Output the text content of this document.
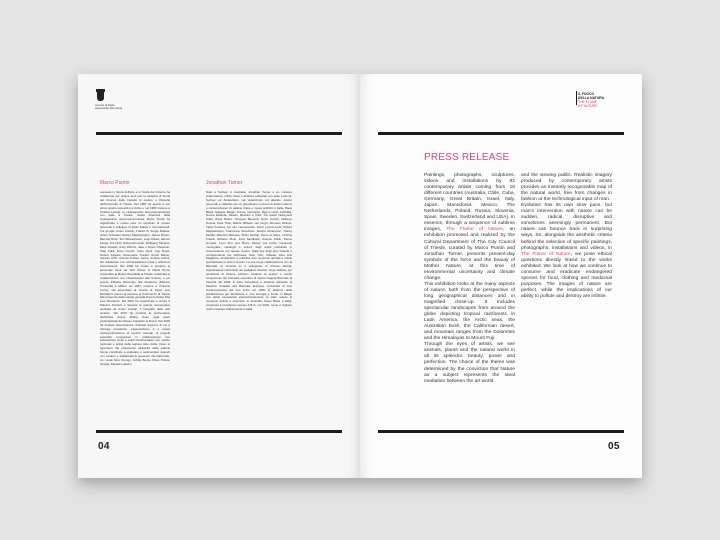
comune di trieste
assessorato alla cultura
Marco Puntin

Laureato in Storia dell'arte e in Storia del Cinema ha collaborato per cinque anni con la cattedra di Storia del Cinema della Facoltà di Lettere e Filosofia dell'Università di Trieste. Nel 1981 ha aperto il suo primo spazio espositivo a Udine e nel 1983 insieme a Cristina Lipargi, la Lipanjepuntin artecontemporanea con sede a Trieste. Guida dinamica della Lipanjepuntin artecontemporanea, Marco Puntin ha organizzato e curato oltre un centinaio di mostre personali e collettive di artisti italiani e internazionali. Tra gli altri, Anton Corbijn, Franko B, Sergio Brattas, Julian Schnabel, Robert Mapplethorpe, James Brown, Bernard Rudy, Tom Wesselmann, Luigi Ontani, Helmut Lange, Urs Lüthi, Nobuyoshi Araki, Wolfgang Tillmans, Mark Kostabi, Andy Warhol, Jake e Dinos Chapman, Oleg Kulik, Enzo Cucchi, Carlo Zauli, Ugo Dossi, Robert Kügerle, Rosemarie Trockel, Arnulf Rainer, Antonio Ortiz, Antonio Freiles, Serse, Andrea Carlini. Ha collaborato con amministrazioni locali e istituzioni internazionali. Nel 1996 ha curato e prodotto la personale Nour du Soir Moriel di David Byrne presentata al Museo Revoltella di Trieste, realizzata in collaborazione con l'Assessorato alla Cultura, e poi presso Palazzo Mocenigo alla Giudecca (Palazzo Trissinelli) a Milano nel 1997, insieme a Umberto Curzio. Ha presentato la mostra di Paolo Levi Montalcini presso la Camera di Commercio di Trieste alla presenza della sorella gemella Premio Nobel Rita Levi Montalcini. Nel 2004 ha organizzato e curato a Palazzo Portanz a Venezia la grande retrospettiva dedicata ad Anton Corbijn, il fotografo delle star western. Nel 2007 ha prodotto la performance dell'artista cinese Zhang Huan negli spazi postindustriali del Museo Capitolini di Roma. Nel 2009 ha fondato l'associazione culturale artport.it di cui è tuttroggi presidente. L'associazione si è spesa nell'organizzazione di incontri culturali, di progetti espositivi temporanei in collaborazione con associazioni locali e spazi transfrontalieri con mostre nazionali e artisti della regione Alpe Adria. Dopo lo sgombero del parlamento all'attività della galleria hanno contribuito a esplorare e sedimentare rapporti con curatori e intellettuali di spessore internazionale, tra i quali Nico Orengo, Achille Bonito Oliva, Tiziano Scarpa, Daniele Luttazzi.

Jonathan Turner

Nato a Sydney, in Australia, Jonathan Turner è un curatore indipendente, critico d'arte e direttore editoriale con sede a Roma, Sydney ed Amsterdam. Ha organizzato ed allestito mostre personali e collettive per un grandissimo numero di artisti moderni e contemporanei (in gallerie d'arte e musei pubblici in Italia, Paesi Bassi, Spagna, Belgio, Grecia, Germania, Regno Unito, Australia, Nuova Zelanda, Taiwan, Messico e USA. Tra questi Nobuyoshi Araki, Rosa Barba, Vanessa Beecroft, Enzo Cucchi, Marlene Dumas, Paul Thek, Barbie Wilhelm van Gogh, Romano Strame, Yasui Kusama, Ivo van Lamsweerde, Henri Lorenz-Loch, Robert Mapplethorpe, Francesca Woodman, Marina Abramović, Tracey Moffatt, Mauricio Meireles, Shirin Neshat, Pierre et Gilles, Cristina Fratelli, Roberto Pinto, Fred Sandback, Antonio Riello, Panos Gorgias, Lynn Kirn and Bruce Weber. Ha scritto numerose monografie, cataloghi e volumi degli artisti pubblicati in concomitanza con queste mostre. Dalla fine degli anni Ottanta è corrispondente per ARTnews, New York; Tableau, Fine Arts Magazine, Amsterdam e pubblica suoi numerosi giornali e riviste specializzate in tutto il mondo. La sua lunga collaborazione con la Biennale di Venezia lo è sviluppata in diverse attività: organizzatore nell'ambito dei padiglioni stranieri, lungo italiano, per quindicina di diverse edizioni; curatore di sezioni e anche componente del Comitato esecutivo di Aperto Laguna Biennale di Venezia del 1993. È stato consulente e direttore editoriale di Maurizio Cattelan alla Biennale Europea. Università di Arte Contemporanea dal suo inizio nel 1996. È direttore della pubblicazione per Worldview, e, che accoglie e fonde, in Belgio con artisti riconosciuti internazionalmente. È stato autore di numerosi articoli e interviste, in Australia, Paesi Bassi e Italia, compresa il prestigioso premio A.B.O. nel 2009, come il migliore critico curatore indipendente in Italia.

04
IL FUOCO
DELLA NATURA
THE FLAME
OF NATURE
PRESS RELEASE
Paintings, photographs, sculptures, videos and installations by 82 contemporary artists coming from 18 different countries (Australia, Chile, Cuba, Germany, Great Britain, Israel, Italy, Japan, Macedonia, Mexico, The Netherlands, Poland, Russia, Slovenia, Spain, Sweden, Switzerland and USA). In essence, through a sequence of sublime images, The Flame of Nature, an exhibition promoted and realized by the Cultural Department of The City Council of Trieste, curated by Marco Puntin and Jonathan Turner, presents present-day symbols of the force and the beauty of Mother Nature, at this time of environmental uncertainty and climate change.
This exhibition looks at the many aspects of nature, both from the perspective of long geographical distances and in magnified close-up. It includes spectacular landscapes from around the globe depicting tropical rainforests in Latin America, the Arctic seas, the Australian bush, the Californian desert, and mountain ranges from the Dolomites and the Himalayas to Mount Fuji.
Through the eyes of artists, we see animals, plants and the natural world in all its splendor, beauty, power and perfection. The choice of the theme was determined by the conviction that Nature as a subject represents the ideal mediation between the art world
and the viewing public. Realistic imagery produced by contemporary artists provides an instantly recognizable map of the natural world, free from changes in fashion or the technological input of man.
Evolution has its own slow pace, but man's intervention with nature can be sudden, radical, disruptive and sometimes seemingly permanent. But nature can bounce back in surprising ways. So, alongside the aesthetic criteria behind the selection of specific paintings, photographs, installations and videos, in The Flame of Nature, we pose ethical questions directly linked to the works exhibited. We look at how we continue to consume and eradicate endangered species for food, clothing and medicinal purposes. The images of nature are perfect, while the implications of our ability to pollute and destroy are infinite.
05
